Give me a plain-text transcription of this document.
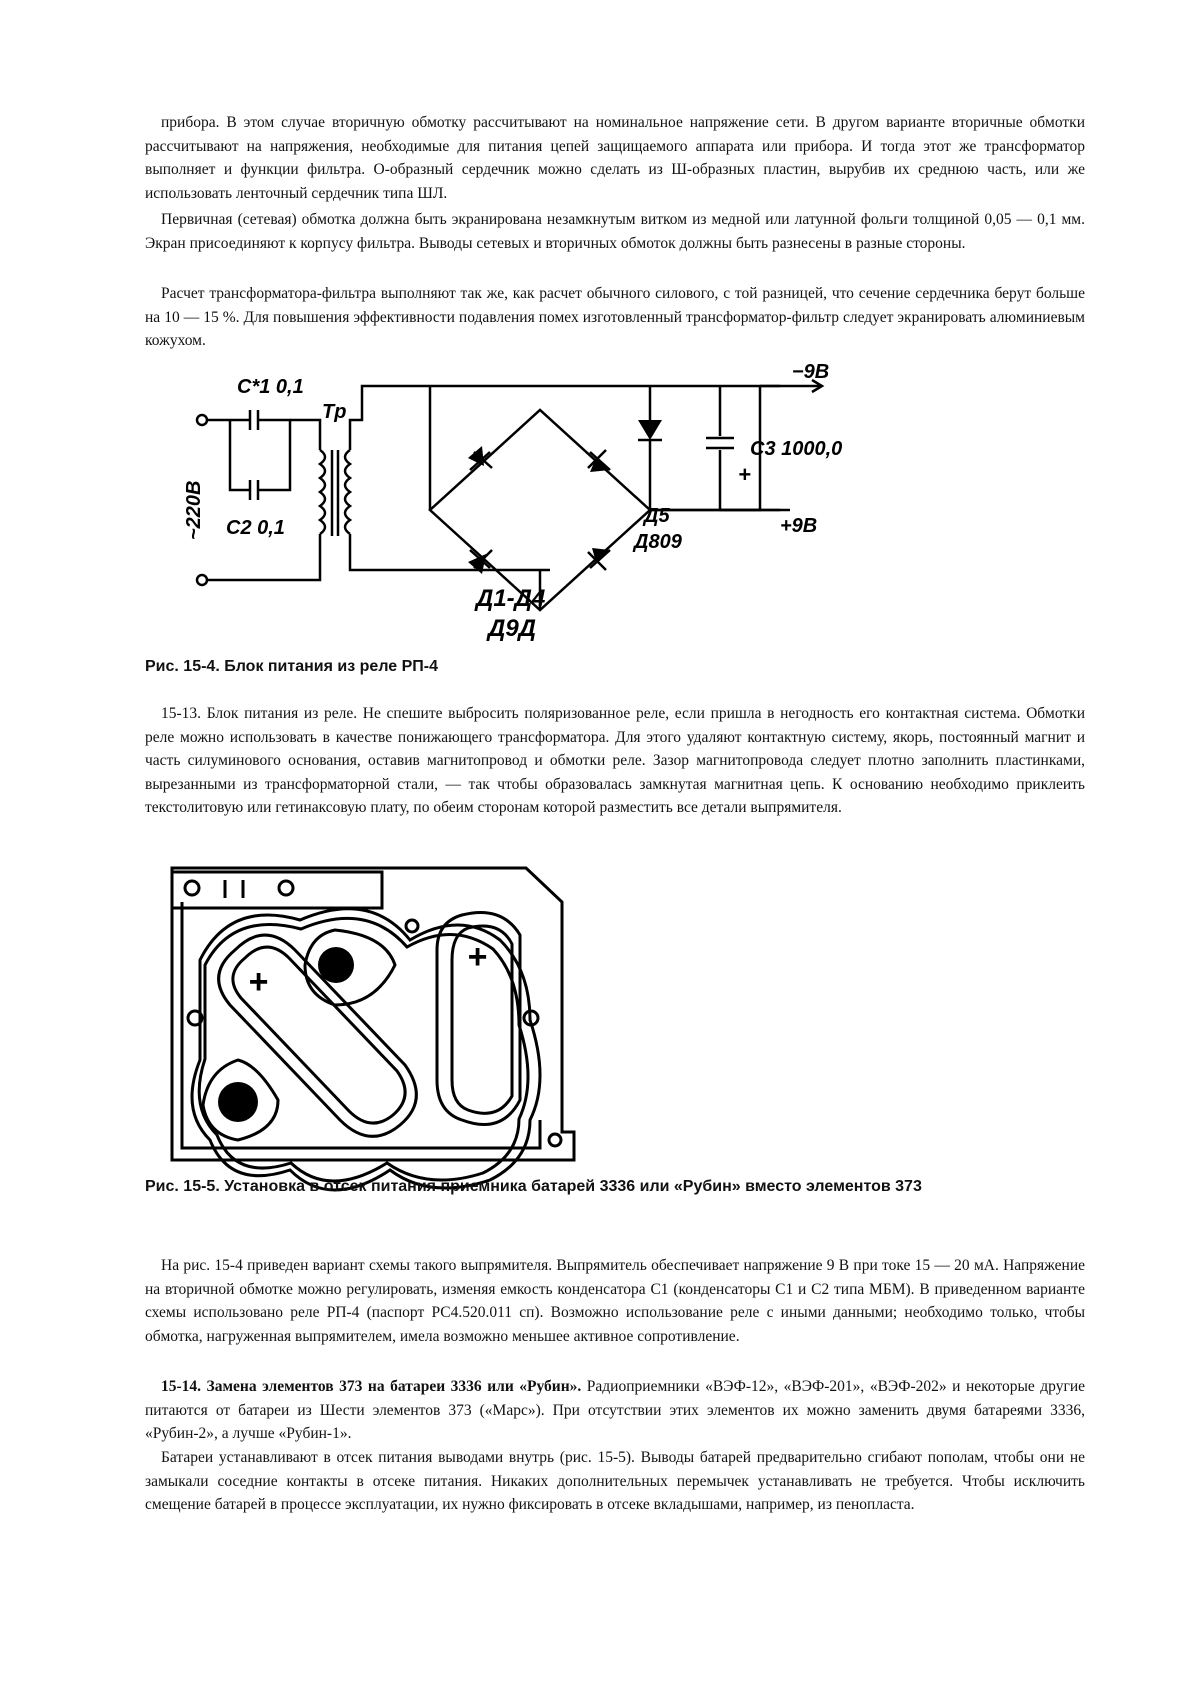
прибора. В этом случае вторичную обмотку рассчитывают на номинальное напряжение сети. В другом варианте вторичные обмотки рассчитывают на напряжения, необходимые для питания цепей защищаемого аппарата или прибора. И тогда этот же трансформатор выполняет и функции фильтра. О-образный сердечник можно сделать из Ш-образных пластин, вырубив их среднюю часть, или же использовать ленточный сердечник типа ШЛ.

Первичная (сетевая) обмотка должна быть экранирована незамкнутым витком из медной или латунной фольги толщиной 0,05 — 0,1 мм. Экран присоединяют к корпусу фильтра. Выводы сетевых и вторичных обмоток должны быть разнесены в разные стороны.

Расчет трансформатора-фильтра выполняют так же, как расчет обычного силового, с той разницей, что сечение сердечника берут больше на 10 — 15 %. Для повышения эффективности подавления помех изготовленный трансформатор-фильтр следует экранировать алюминиевым кожухом.

C*1 0,1
C2 0,1
Tp
~220В
C3 1000,0
+
−9В
+9В
Д5
Д809
Д1-Д4
Д9Д

Рис. 15-4. Блок питания из реле РП-4

15-13. Блок питания из реле. Не спешите выбросить поляризованное реле, если пришла в негодность его контактная система. Обмотки реле можно использовать в качестве понижающего трансформатора. Для этого удаляют контактную систему, якорь, постоянный магнит и часть силуминового основания, оставив магнитопровод и обмотки реле. Зазор магнитопровода следует плотно заполнить пластинками, вырезанными из трансформаторной стали, — так чтобы образовалась замкнутая магнитная цепь. К основанию необходимо приклеить текстолитовую или гетинаксовую плату, по обеим сторонам которой разместить все детали выпрямителя.

+
+

Рис. 15-5. Установка в отсек питания приемника батарей 3336 или «Рубин» вместо элементов 373

На рис. 15-4 приведен вариант схемы такого выпрямителя. Выпрямитель обеспечивает напряжение 9 В при токе 15 — 20 мА. Напряжение на вторичной обмотке можно регулировать, изменяя емкость конденсатора C1 (конденсаторы C1 и C2 типа МБМ). В приведенном варианте схемы использовано реле РП-4 (паспорт РС4.520.011 сп). Возможно использование реле с иными данными; необходимо только, чтобы обмотка, нагруженная выпрямителем, имела возможно меньшее активное сопротивление.

15-14. Замена элементов 373 на батареи 3336 или «Рубин». Радиоприемники «ВЭФ-12», «ВЭФ-201», «ВЭФ-202» и некоторые другие питаются от батареи из Шести элементов 373 («Марс»). При отсутствии этих элементов их можно заменить двумя батареями 3336, «Рубин-2», а лучше «Рубин-1».

Батареи устанавливают в отсек питания выводами внутрь (рис. 15-5). Выводы батарей предварительно сгибают пополам, чтобы они не замыкали соседние контакты в отсеке питания. Никаких дополнительных перемычек устанавливать не требуется. Чтобы исключить смещение батарей в процессе эксплуатации, их нужно фиксировать в отсеке вкладышами, например, из пенопласта.
